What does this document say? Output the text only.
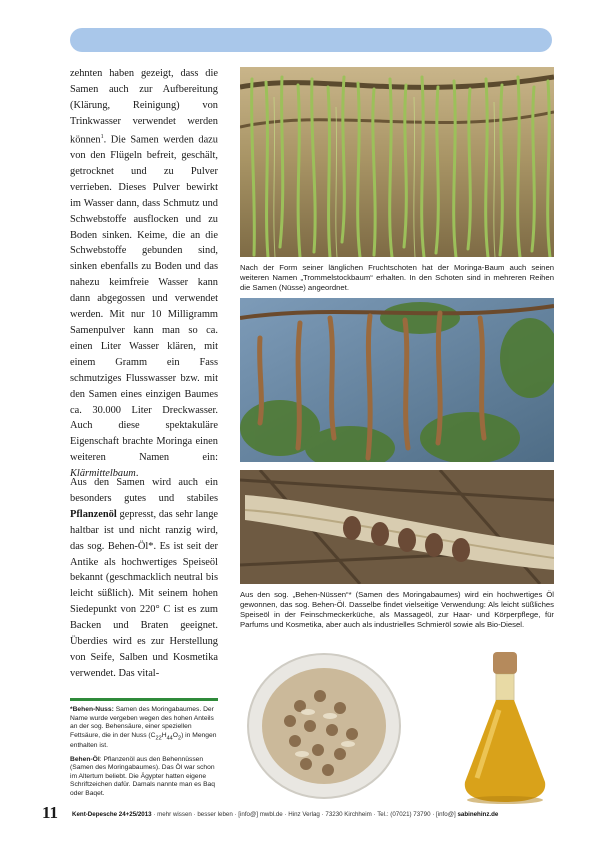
zehnten haben gezeigt, dass die Samen auch zur Aufbereitung (Klärung, Reinigung) von Trinkwasser verwendet werden können$^1$. Die Samen werden dazu von den Flügeln befreit, geschält, getrocknet und zu Pulver verrieben. Dieses Pulver bewirkt im Wasser dann, dass Schmutz und Schwebstoffe ausflocken und zu Boden sinken. Keime, die an die Schwebstoffe gebunden sind, sinken ebenfalls zu Boden und das nahezu keimfreie Wasser kann dann abgegossen und verwendet werden. Mit nur 10 Milligramm Samenpulver kann man so ca. einen Liter Wasser klären, mit einem Gramm ein Fass schmutziges Flusswasser bzw. mit den Samen eines einzigen Baumes ca. 30.000 Liter Dreckwasser. Auch diese spektakuläre Eigenschaft brachte Moringa einen weiteren Namen ein: Klärmittelbaum.

Aus den Samen wird auch ein besonders gutes und stabiles Pflanzenöl gepresst, das sehr lange haltbar ist und nicht ranzig wird, das sog. Behen-Öl*. Es ist seit der Antike als hochwertiges Speiseöl bekannt (geschmacklich neutral bis leicht süßlich). Mit seinem hohen Siedepunkt von 220° C ist es zum Backen und Braten geeignet. Überdies wird es zur Herstellung von Seife, Salben und Kosmetika verwendet. Das vital-

*Behen-Nuss: Samen des Moringabaumes. Der Name wurde vergeben wegen des hohen Anteils an der sog. Behensäure, einer speziellen Fettsäure, die in der Nuss $(C_{22}H_{44}O_2)$ in Mengen enthalten ist.

Behen-Öl: Pflanzenöl aus den Behennüssen (Samen des Moringabaumes). Das Öl war schon im Altertum beliebt. Die Ägypter hatten eigene Schriftzeichen dafür. Damals nannte man es Baq oder Baqet.

Nach der Form seiner länglichen Fruchtschoten hat der Moringa-Baum auch seinen weiteren Namen „Trommelstockbaum“ erhalten. In den Schoten sind in mehreren Reihen die Samen (Nüsse) angeordnet.
Aus den sog. „Behen-Nüssen“* (Samen des Moringabaumes) wird ein hochwertiges Öl gewonnen, das sog. Behen-Öl. Dasselbe findet vielseitige Verwendung: Als leicht süßliches Speiseöl in der Feinschmeckerküche, als Massageöl, zur Haar- und Körperpflege, für Parfums und Kosmetika, aber auch als industrielles Schmieröl sowie als Bio-Diesel.
11 Kent-Depesche 24+25/2013 · mehr wissen · besser leben · [info@] mwbl.de · Hinz Verlag · 73230 Kirchheim · Tel.: (07021) 73790 · [info@] sabinehinz.de
